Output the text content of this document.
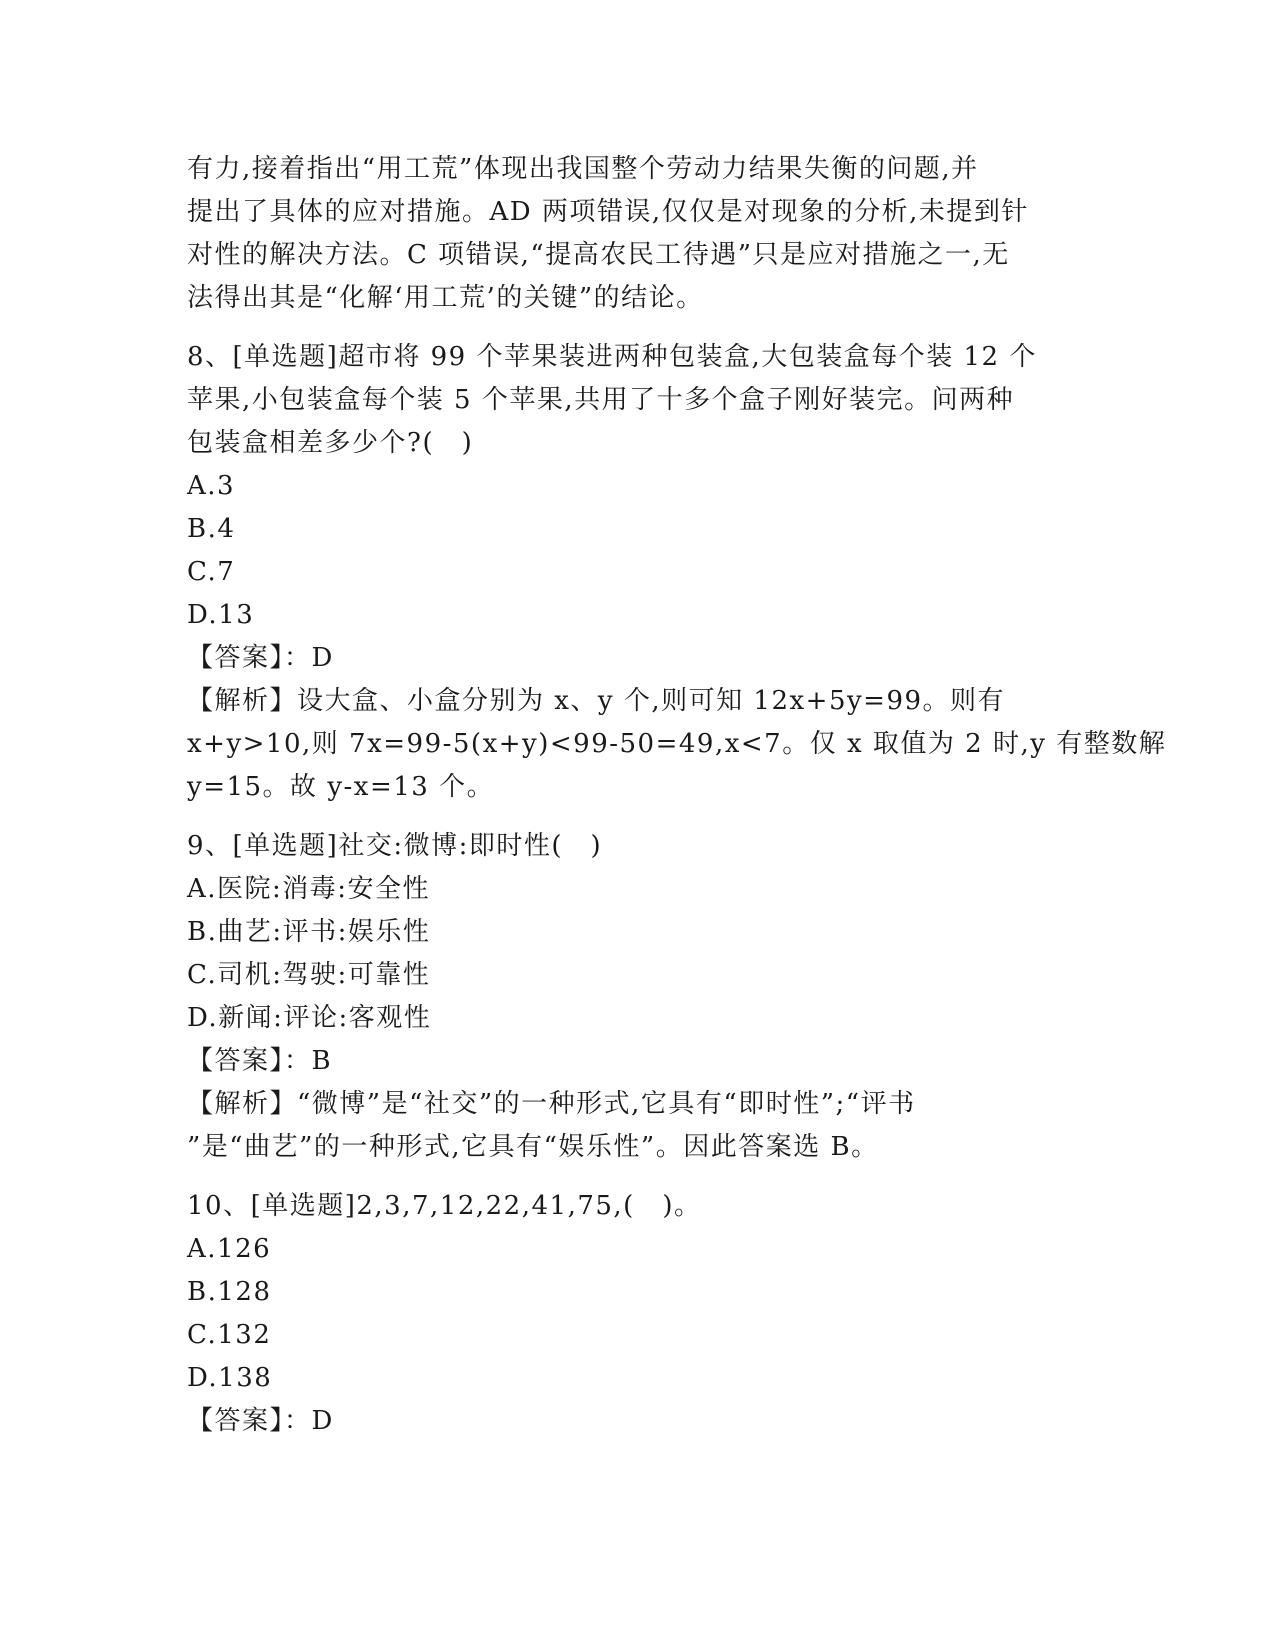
有力,接着指出“用工荒”体现出我国整个劳动力结果失衡的问题,并
提出了具体的应对措施。AD 两项错误,仅仅是对现象的分析,未提到针
对性的解决方法。C 项错误,“提高农民工待遇”只是应对措施之一,无
法得出其是“化解‘用工荒’的关键”的结论。
8、[单选题]超市将 99 个苹果装进两种包装盒,大包装盒每个装 12 个
苹果,小包装盒每个装 5 个苹果,共用了十多个盒子刚好装完。问两种
包装盒相差多少个?(　)
A.3
B.4
C.7
D.13
【答案】：D
【解析】设大盒、小盒分别为 x、y 个,则可知 12x+5y=99。则有
x+y>10,则 7x=99-5(x+y)<99-50=49,x<7。仅 x 取值为 2 时,y 有整数解
y=15。故 y-x=13 个。
9、[单选题]社交:微博:即时性(　)
A.医院:消毒:安全性
B.曲艺:评书:娱乐性
C.司机:驾驶:可靠性
D.新闻:评论:客观性
【答案】：B
【解析】“微博”是“社交”的一种形式,它具有“即时性”;“评书
”是“曲艺”的一种形式,它具有“娱乐性”。因此答案选 B。
10、[单选题]2,3,7,12,22,41,75,(　)。
A.126
B.128
C.132
D.138
【答案】：D
